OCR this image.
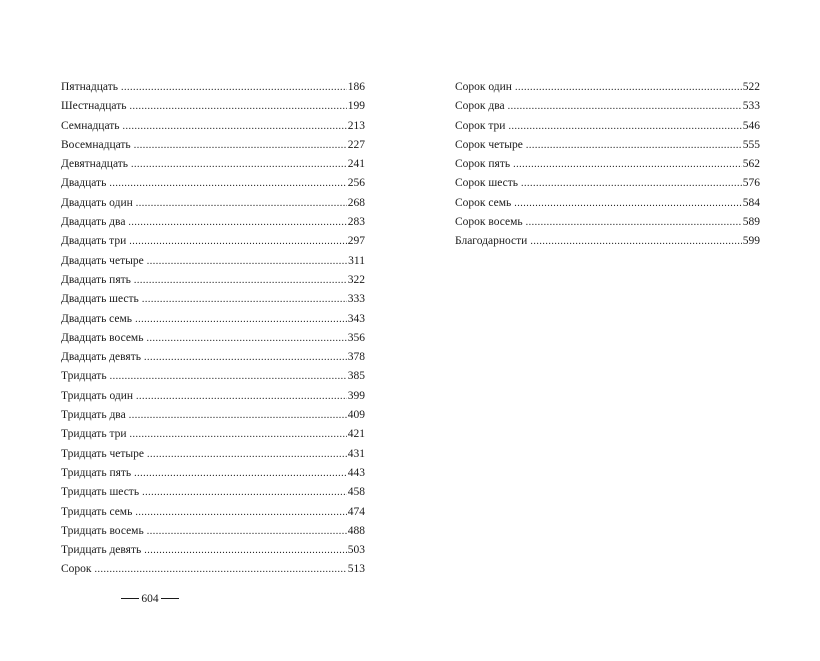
Пятнадцать . . .	186
Шестнадцать . . .	199
Семнадцать . . .	213
Восемнадцать . . .	227
Девятнадцать . . .	241
Двадцать . . .	256
Двадцать один . . .	268
Двадцать два . . .	283
Двадцать три . . .	297
Двадцать четыре . . .	311
Двадцать пять . . .	322
Двадцать шесть . . .	333
Двадцать семь . . .	343
Двадцать восемь . . .	356
Двадцать девять . . .	378
Тридцать . . .	385
Тридцать один . . .	399
Тридцать два . . .	409
Тридцать три . . .	421
Тридцать четыре . . .	431
Тридцать пять . . .	443
Тридцать шесть . . .	458
Тридцать семь . . .	474
Тридцать восемь . . .	488
Тридцать девять . . .	503
Сорок . . .	513
604
Сорок один . . .	522
Сорок два . . .	533
Сорок три . . .	546
Сорок четыре . . .	555
Сорок пять . . .	562
Сорок шесть . . .	576
Сорок семь . . .	584
Сорок восемь . . .	589
Благодарности . . .	599
